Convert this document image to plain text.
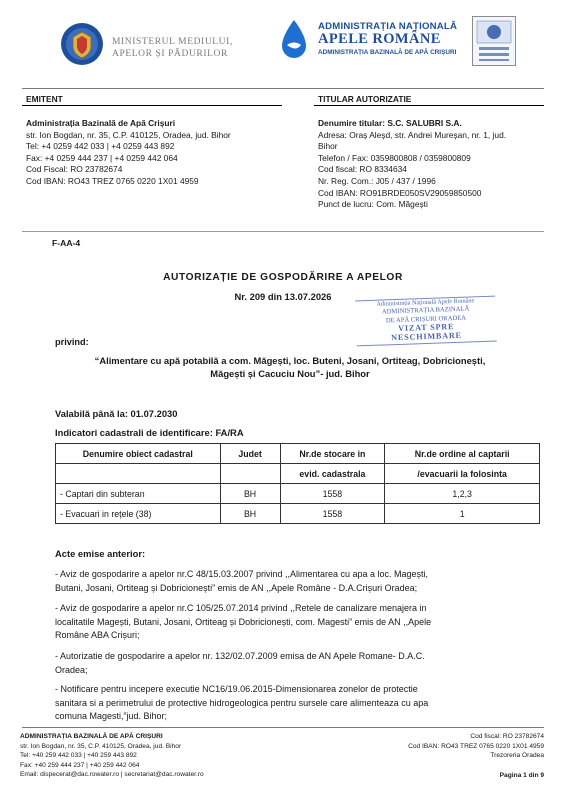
MINISTERUL MEDIULUI,
APELOR ȘI PĂDURILOR
ADMINISTRAȚIA NAȚIONALĂ
APELE ROMÂNE
ADMINISTRAȚIA BAZINALĂ DE APĂ CRIȘURI
EMITENT	TITULAR AUTORIZATIE
Administrația Bazinală de Apă Crișuri
str. Ion Bogdan, nr. 35, C.P. 410125, Oradea, jud. Bihor
Tel: +4 0259 442 033 | +4 0259 443 892
Fax: +4 0259 444 237 | +4 0259 442 064
Cod Fiscal: RO 23782674
Cod IBAN: RO43 TREZ 0765 0220 1X01 4959
Denumire titular: S.C. SALUBRI S.A.
Adresa: Oraș Aleșd, str. Andrei Mureșan, nr. 1, jud.
Bihor
Telefon / Fax: 0359800808 / 0359800809
Cod fiscal: RO 8334634
Nr. Reg. Com.: J05 / 437 / 1996
Cod IBAN: RO91BRDE050SV29059850500
Punct de lucru: Com. Măgești
F-AA-4
AUTORIZAȚIE DE GOSPODĂRIRE A APELOR
Nr. 209 din 13.07.2026
Administrația Națională Apele Române
ADMINISTRAȚIA BAZINALĂ
DE APĂ CRIȘURI ORADEA
VIZAT SPRE
NESCHIMBARE
privind:
“Alimentare cu apă potabilă a com. Măgești, loc. Buteni, Josani, Ortiteag, Dobricionești,
Măgești și Cacuciu Nou”- jud. Bihor
Valabilă până la: 01.07.2030
Indicatori cadastrali de identificare: FA/RA
Denumire obiect cadastral	Judet	Nr.de stocare in	Nr.de ordine al captarii
		evid. cadastrala	/evacuarii la folosinta
- Captari din subteran	BH	1558	1,2,3
- Evacuari in rețele (38)	BH	1558	1
Acte emise anterior:
- Aviz de gospodarire a apelor nr.C 48/15.03.2007 privind ,,Alimentarea cu apa a loc. Magești,
Butani, Josani, Ortiteag și Dobricionești” emis de AN ,,Apele Române - D.A.Crișuri Oradea;
- Aviz de gospodarire a apelor nr.C 105/25.07.2014 privind ,,Retele de canalizare menajera in
localitatile Magești, Butani, Josani, Ortiteag și Dobricionești, com. Magesti” emis de AN ,,Apele
Române ABA Crișuri;
- Autorizatie de gospodarire a apelor nr. 132/02.07.2009 emisa de AN Apele Romane- D.A.C.
Oradea;
- Notificare pentru incepere executie NC16/19.06.2015-Dimensionarea zonelor de protectie
sanitara si a perimetrului de protective hidrogeologica pentru sursele care alimenteaza cu apa
comuna Magesti,”jud. Bihor;
ADMINISTRAȚIA BAZINALĂ DE APĂ CRIȘURI
str. Ion Bogdan, nr. 35, C.P. 410125, Oradea, jud. Bihor
Tel: +40 259 442 033 | +40 259 443 892
Fax: +40 259 444 237 | +40 259 442 064
Email: dispecerat@dac.rowater.ro | secretariat@dac.rowater.ro
Cod fiscal: RO 23782674
Cod IBAN: RO43 TREZ 0765 0220 1X01 4959
Trezoreria Oradea
Pagina 1 din 9
